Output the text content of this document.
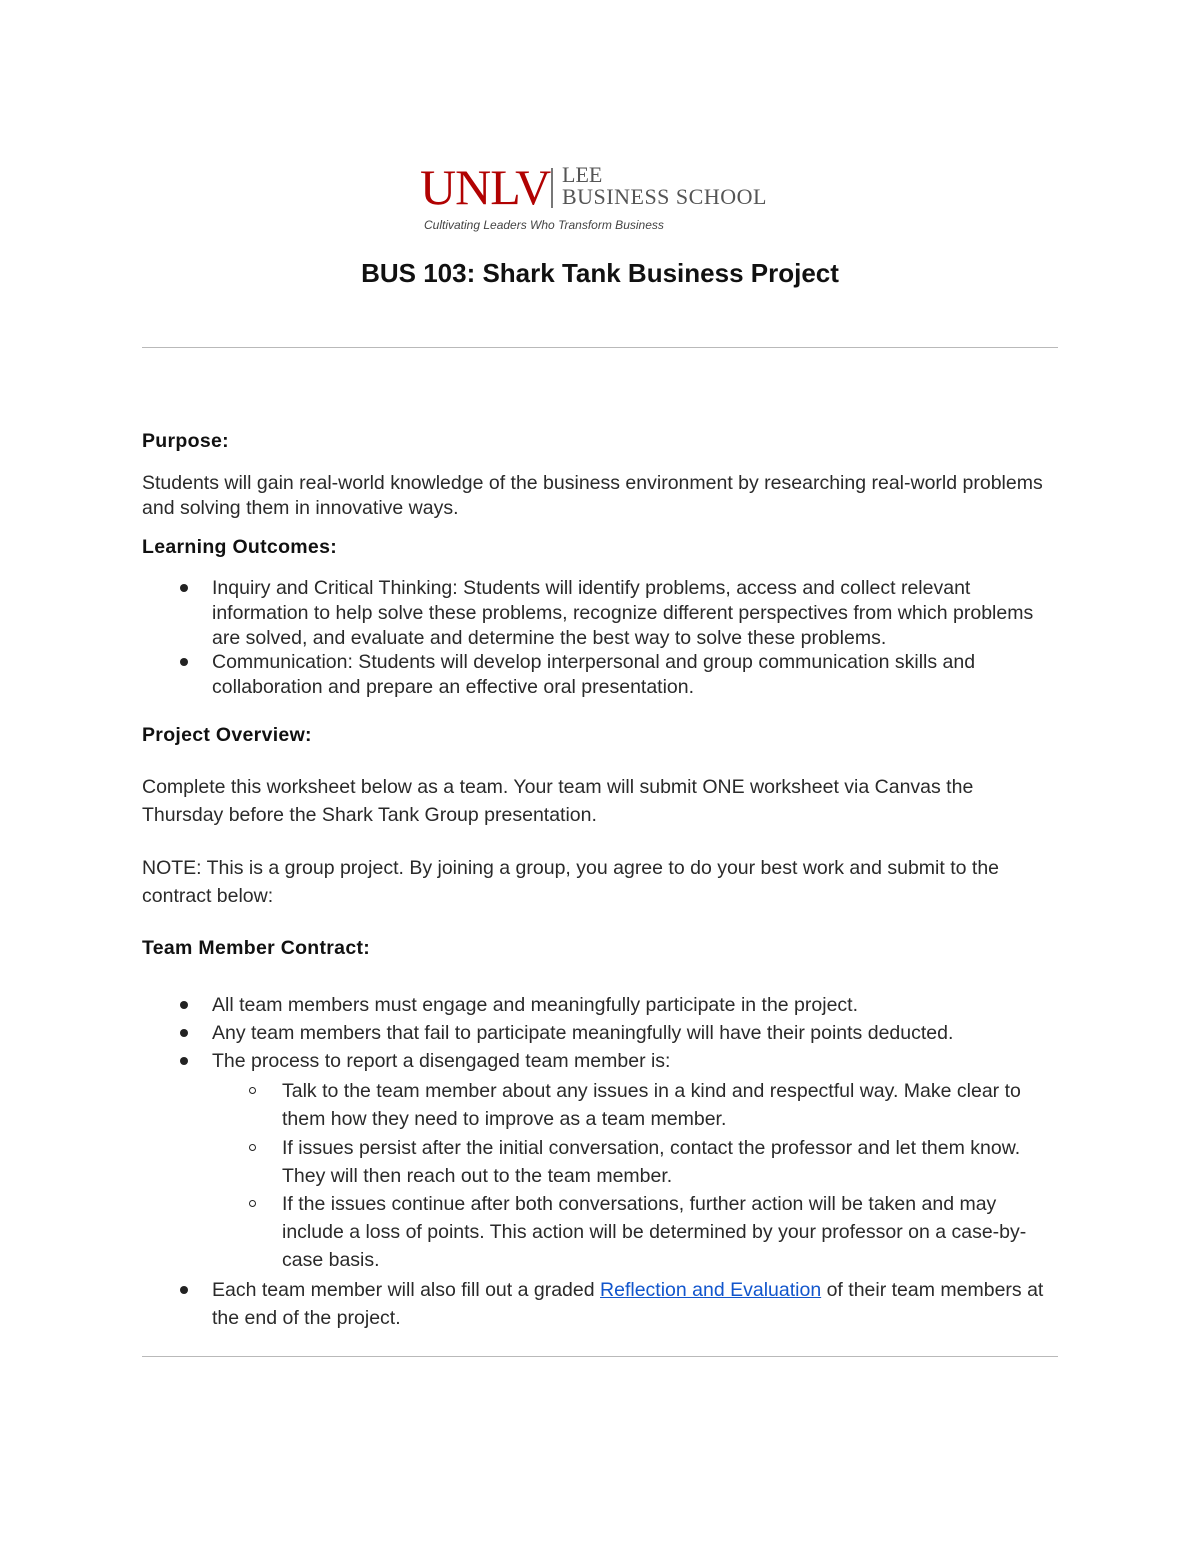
UNLV LEE
BUSINESS SCHOOL
Cultivating Leaders Who Transform Business
BUS 103: Shark Tank Business Project
Purpose:
Students will gain real-world knowledge of the business environment by researching real-world problems and solving them in innovative ways.
Learning Outcomes:
Inquiry and Critical Thinking: Students will identify problems, access and collect relevant information to help solve these problems, recognize different perspectives from which problems are solved, and evaluate and determine the best way to solve these problems.
Communication: Students will develop interpersonal and group communication skills and collaboration and prepare an effective oral presentation.
Project Overview:
Complete this worksheet below as a team. Your team will submit ONE worksheet via Canvas the Thursday before the Shark Tank Group presentation.
NOTE: This is a group project. By joining a group, you agree to do your best work and submit to the contract below:
Team Member Contract:
All team members must engage and meaningfully participate in the project.
Any team members that fail to participate meaningfully will have their points deducted.
The process to report a disengaged team member is:
Talk to the team member about any issues in a kind and respectful way. Make clear to them how they need to improve as a team member.
If issues persist after the initial conversation, contact the professor and let them know. They will then reach out to the team member.
If the issues continue after both conversations, further action will be taken and may include a loss of points. This action will be determined by your professor on a case-by-case basis.
Each team member will also fill out a graded Reflection and Evaluation of their team members at the end of the project.
